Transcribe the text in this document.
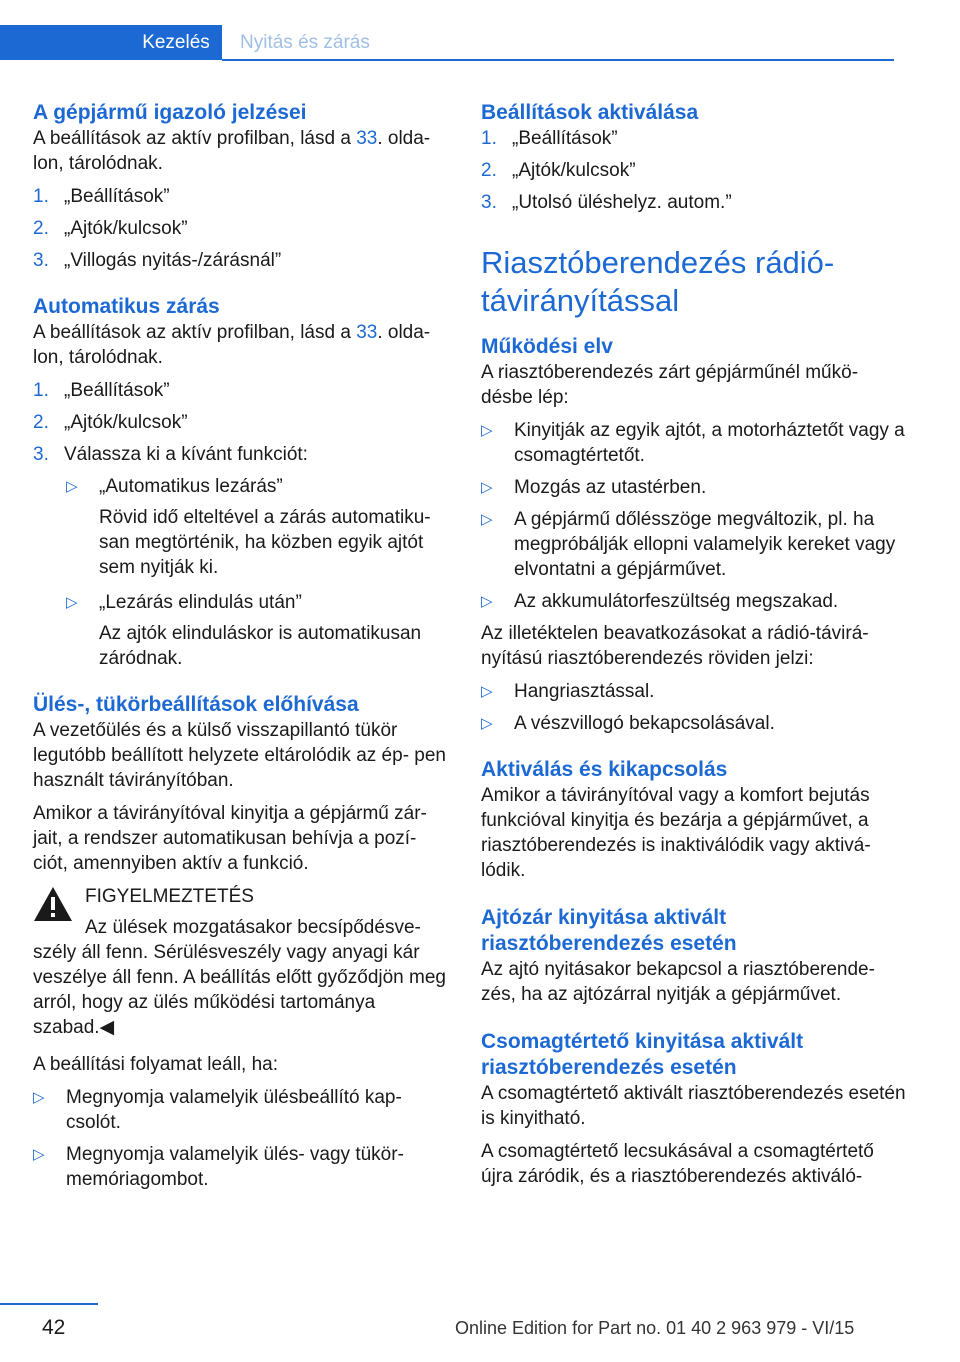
Kezelés	Nyitás és zárás
A gépjármű igazoló jelzései

A beállítások az aktív profilban, lásd a 33. olda‐ lon, tárolódnak.

1. „Beállítások”
2. „Ajtók/kulcsok”
3. „Villogás nyitás-/zárásnál”
Automatikus zárás

A beállítások az aktív profilban, lásd a 33. olda‐ lon, tárolódnak.

1. „Beállítások”
2. „Ajtók/kulcsok”
3. Válassza ki a kívánt funkciót:
▷	„Automatikus lezárás”
Rövid idő elteltével a zárás automatiku‐ san megtörténik, ha közben egyik ajtót sem nyitják ki.
▷	„Lezárás elindulás után”
Az ajtók elinduláskor is automatikusan záródnak.
Ülés-, tükörbeállítások előhívása

A vezetőülés és a külső visszapillantó tükör legutóbb beállított helyzete eltárolódik az ép‐ pen használt távirányítóban.

Amikor a távirányítóval kinyitja a gépjármű zár‐ jait, a rendszer automatikusan behívja a pozí‐ ciót, amennyiben aktív a funkció.

FIGYELMEZTETÉS
Az ülések mozgatásakor becsípődésve‐
szély áll fenn. Sérülésveszély vagy anyagi kár veszélye áll fenn. A beállítás előtt győződjön meg arról, hogy az ülés működési tartománya szabad.◀

A beállítási folyamat leáll, ha:

▷	Megnyomja valamelyik ülésbeállító kap‐ csolót.
▷	Megnyomja valamelyik ülés- vagy tükör‐ memóriagombot.
Beállítások aktiválása
1. „Beállítások”
2. „Ajtók/kulcsok”
3. „Utolsó üléshelyz. autom.”
Riasztóberendezés rádió‐ távirányítással
Működési elv

A riasztóberendezés zárt gépjárműnél műkö‐ désbe lép:

▷	Kinyitják az egyik ajtót, a motorháztetőt vagy a csomagtértetőt.
▷	Mozgás az utastérben.
▷	A gépjármű dőlésszöge megváltozik, pl. ha megpróbálják ellopni valamelyik kereket vagy elvontatni a gépjárművet.
▷	Az akkumulátorfeszültség megszakad.

Az illetéktelen beavatkozásokat a rádió-távirá‐ nyítású riasztóberendezés röviden jelzi:

▷	Hangriasztással.
▷	A vészvillogó bekapcsolásával.
Aktiválás és kikapcsolás

Amikor a távirányítóval vagy a komfort bejutás funkcióval kinyitja és bezárja a gépjárművet, a riasztóberendezés is inaktiválódik vagy aktivá‐ lódik.

Ajtózár kinyitása aktivált riasztóberendezés esetén

Az ajtó nyitásakor bekapcsol a riasztóberende‐ zés, ha az ajtózárral nyitják a gépjárművet.

Csomagtértető kinyitása aktivált riasztóberendezés esetén

A csomagtértető aktivált riasztóberendezés esetén is kinyitható.

A csomagtértető lecsukásával a csomagtértető újra záródik, és a riasztóberendezés aktiváló‐

42	Online Edition for Part no. 01 40 2 963 979 - VI/15
